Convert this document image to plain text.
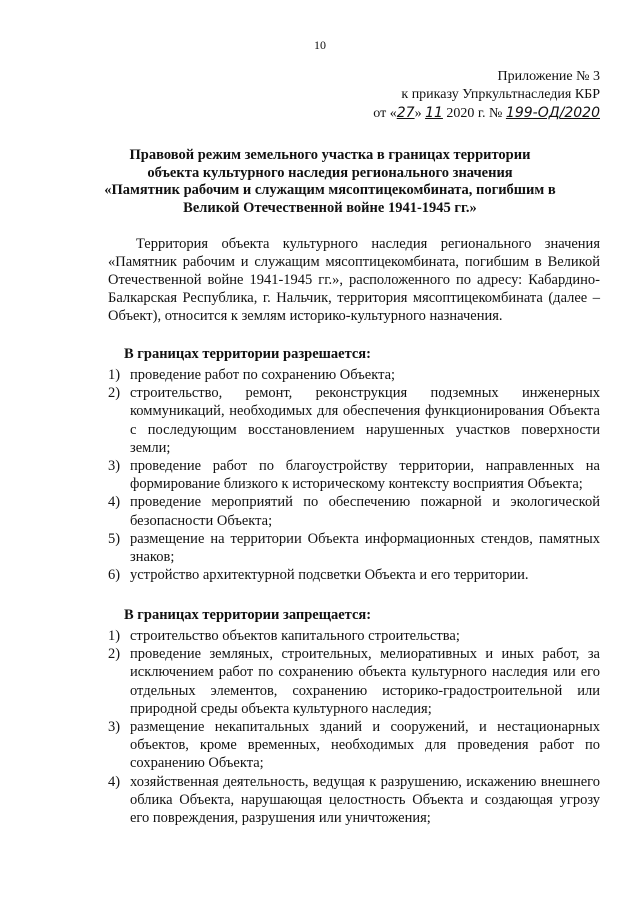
10
Приложение № 3
к приказу Упркультнаследия КБР
от «27» 11 2020 г. № 199-ОД/2020
Правовой режим земельного участка в границах территории
объекта культурного наследия регионального значения
«Памятник рабочим и служащим мясоптицекомбината, погибшим в
Великой Отечественной войне 1941-1945 гг.»

Территория объекта культурного наследия регионального значения «Памятник рабочим и служащим мясоптицекомбината, погибшим в Великой Отечественной войне 1941-1945 гг.», расположенного по адресу: Кабардино-Балкарская Республика, г. Нальчик, территория мясоптицекомбината (далее – Объект), относится к землям историко-культурного назначения.

В границах территории разрешается:
1) проведение работ по сохранению Объекта;
2) строительство, ремонт, реконструкция подземных инженерных коммуникаций, необходимых для обеспечения функционирования Объекта с последующим восстановлением нарушенных участков поверхности земли;
3) проведение работ по благоустройству территории, направленных на формирование близкого к историческому контексту восприятия Объекта;
4) проведение мероприятий по обеспечению пожарной и экологической безопасности Объекта;
5) размещение на территории Объекта информационных стендов, памятных знаков;
6) устройство архитектурной подсветки Объекта и его территории.
В границах территории запрещается:
1) строительство объектов капитального строительства;
2) проведение земляных, строительных, мелиоративных и иных работ, за исключением работ по сохранению объекта культурного наследия или его отдельных элементов, сохранению историко-градостроительной или природной среды объекта культурного наследия;
3) размещение некапитальных зданий и сооружений, и нестационарных объектов, кроме временных, необходимых для проведения работ по сохранению Объекта;
4) хозяйственная деятельность, ведущая к разрушению, искажению внешнего облика Объекта, нарушающая целостность Объекта и создающая угрозу его повреждения, разрушения или уничтожения;
